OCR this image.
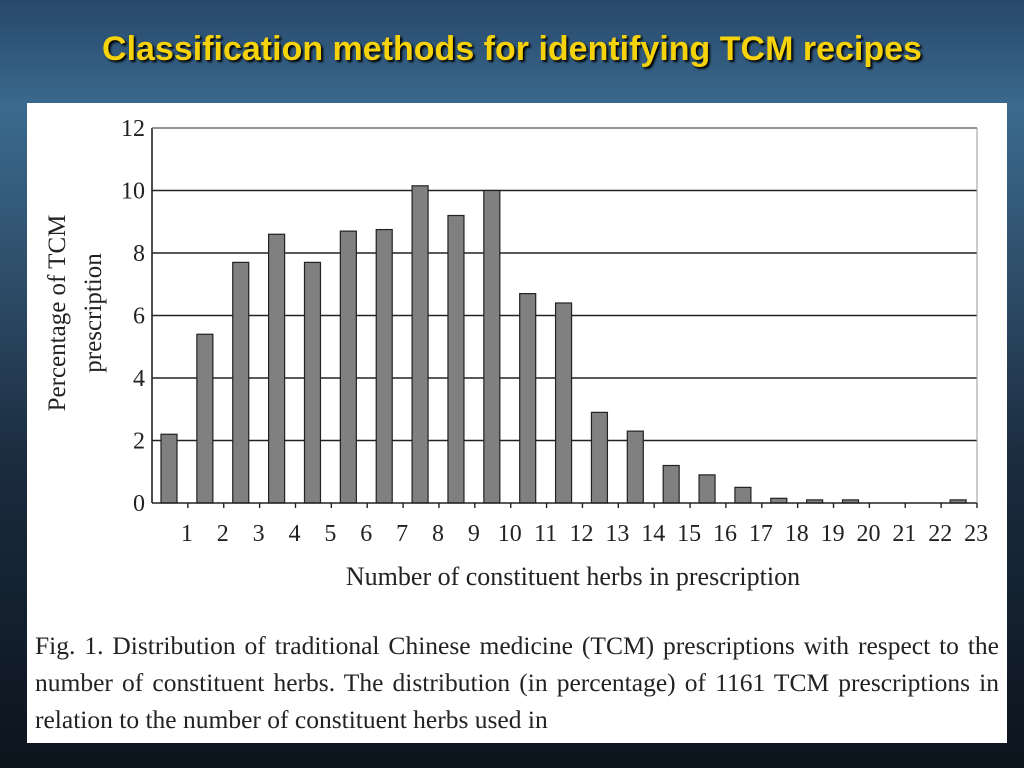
Classification methods for identifying TCM recipes
0
2
4
6
8
10
12
1 2 3 4 5 6 7 8 9 10 11 12 13 14 15 16 17 18 19 20 21 22 23
Number of constituent herbs in prescription
Percentage of TCM prescription
Fig. 1. Distribution of traditional Chinese medicine (TCM) prescriptions with respect to the number of constituent herbs. The distribution (in percentage) of 1161 TCM prescriptions in relation to the number of constituent herbs used in
